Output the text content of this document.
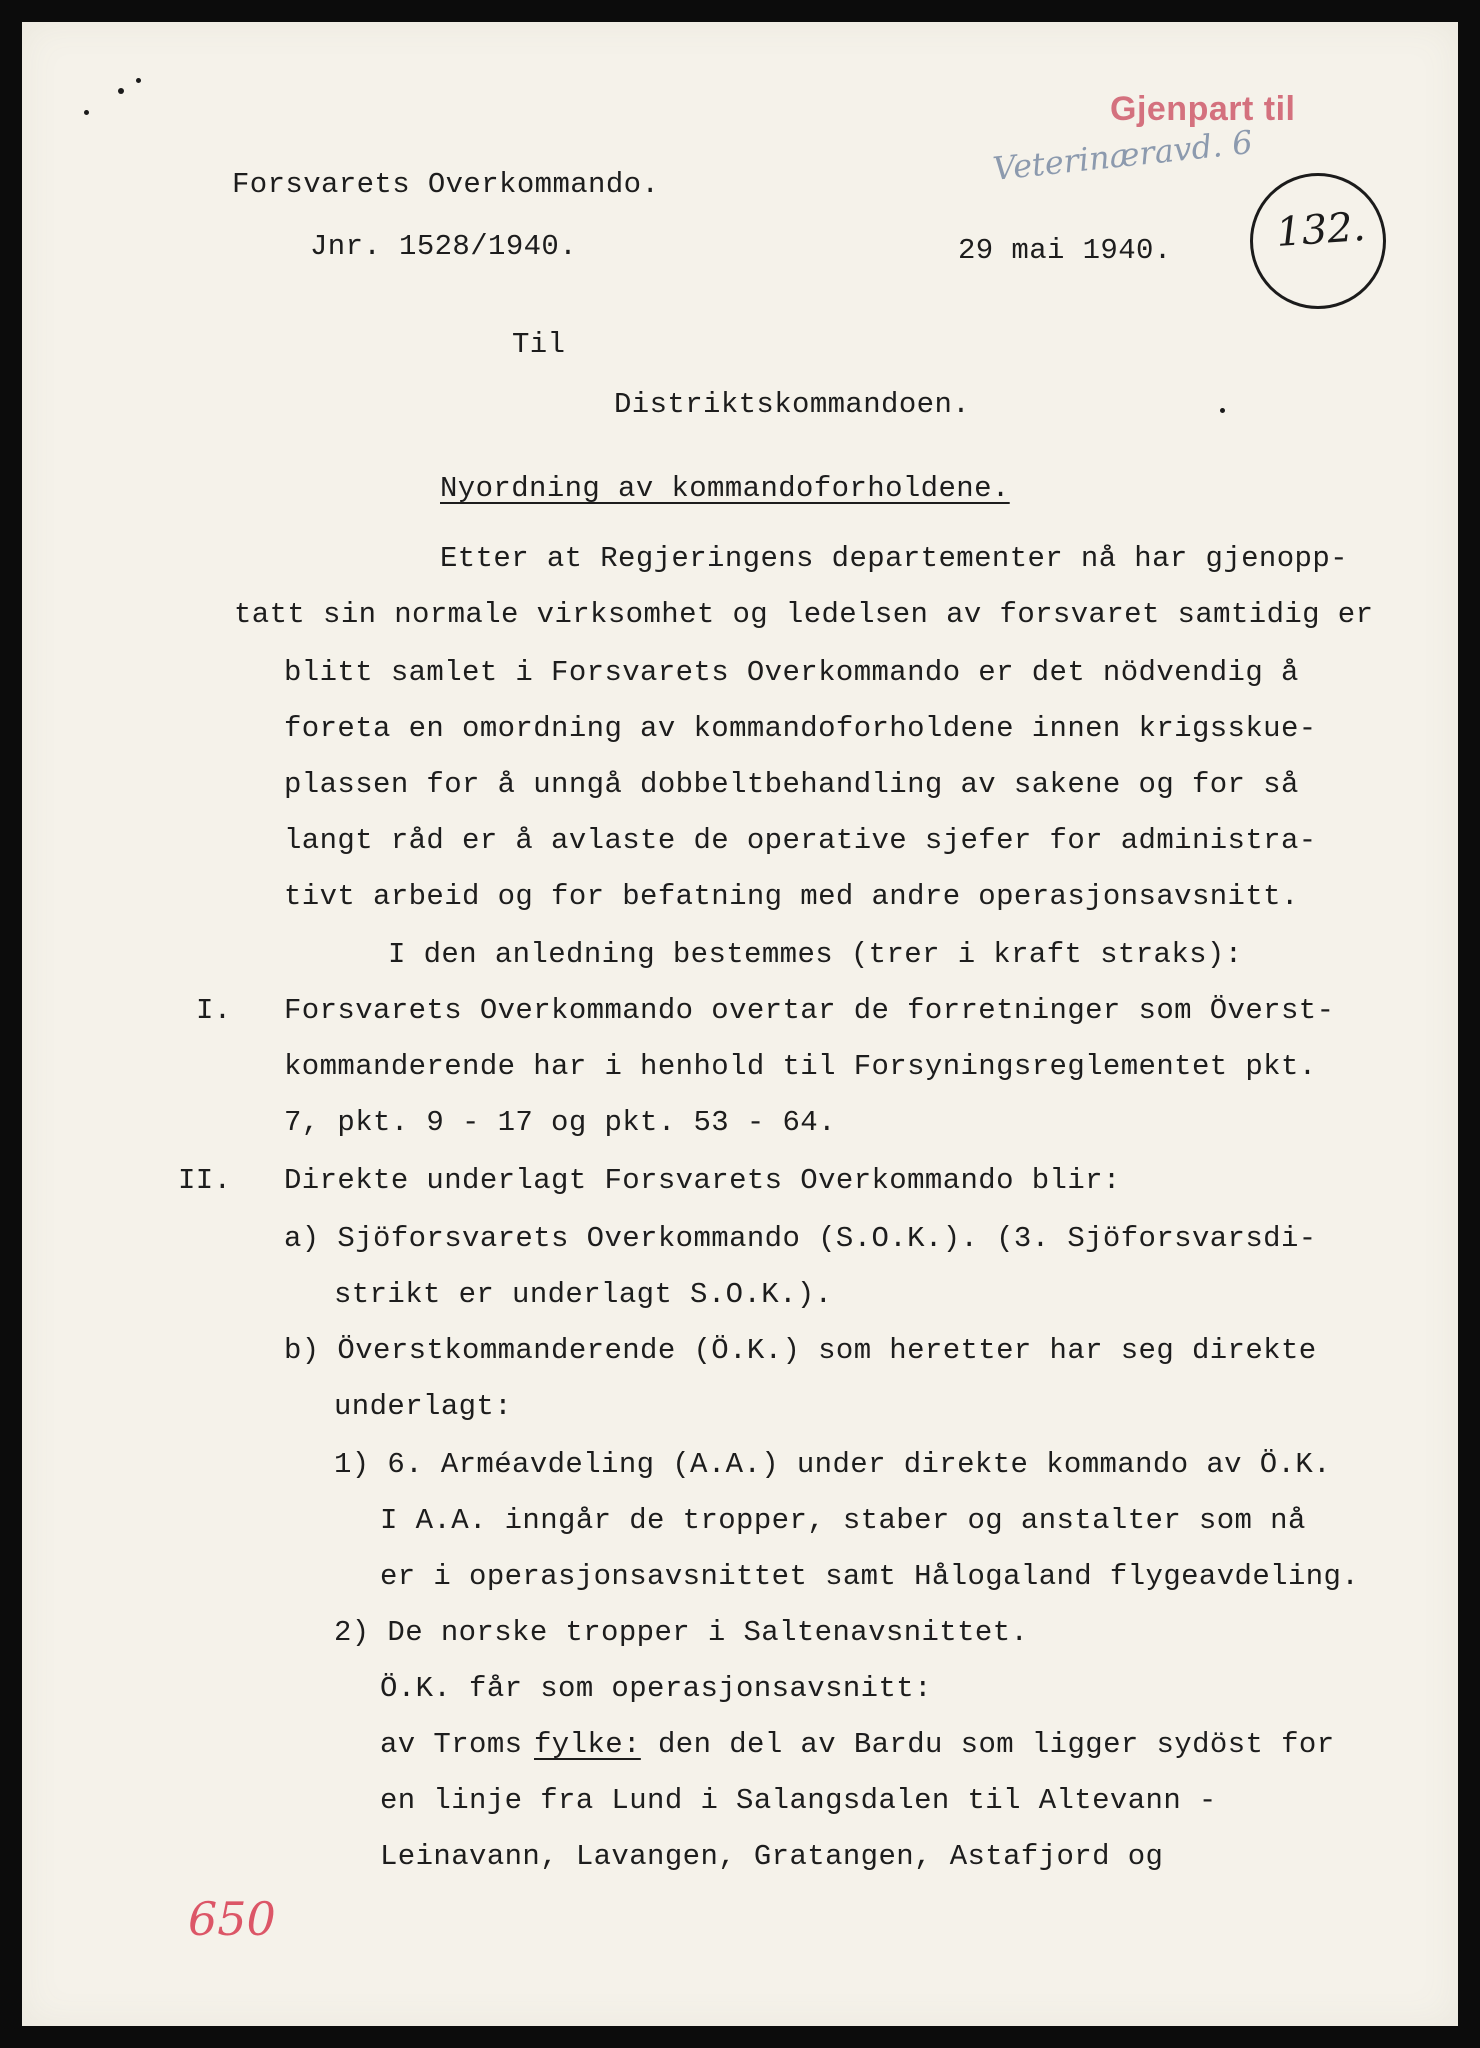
Gjenpart til
Veterinæravd. 6
132.
650
Forsvarets Overkommando.
Jnr. 1528/1940.	29 mai 1940.
Til
Distriktskommandoen.
Nyordning av kommandoforholdene.
Etter at Regjeringens departementer nå har gjenopp-
tatt sin normale virksomhet og ledelsen av forsvaret samtidig er
blitt samlet i Forsvarets Overkommando er det nödvendig å
foreta en omordning av kommandoforholdene innen krigsskue-
plassen for å unngå dobbeltbehandling av sakene og for så
langt råd er å avlaste de operative sjefer for administra-
tivt arbeid og for befatning med andre operasjonsavsnitt.
I den anledning bestemmes (trer i kraft straks):
I. Forsvarets Overkommando overtar de forretninger som Överst-
kommanderende har i henhold til Forsyningsreglementet pkt.
7, pkt. 9 - 17 og pkt. 53 - 64.
II. Direkte underlagt Forsvarets Overkommando blir:
a) Sjöforsvarets Overkommando (S.O.K.). (3. Sjöforsvarsdi-
strikt er underlagt S.O.K.).
b) Överstkommanderende (Ö.K.) som heretter har seg direkte
underlagt:
1) 6. Arméavdeling (A.A.) under direkte kommando av Ö.K.
I A.A. inngår de tropper, staber og anstalter som nå
er i operasjonsavsnittet samt Hålogaland flygeavdeling.
2) De norske tropper i Saltenavsnittet.
Ö.K. får som operasjonsavsnitt:
av Troms fylke: den del av Bardu som ligger sydöst for
en linje fra Lund i Salangsdalen til Altevann -
Leinavann, Lavangen, Gratangen, Astafjord og
